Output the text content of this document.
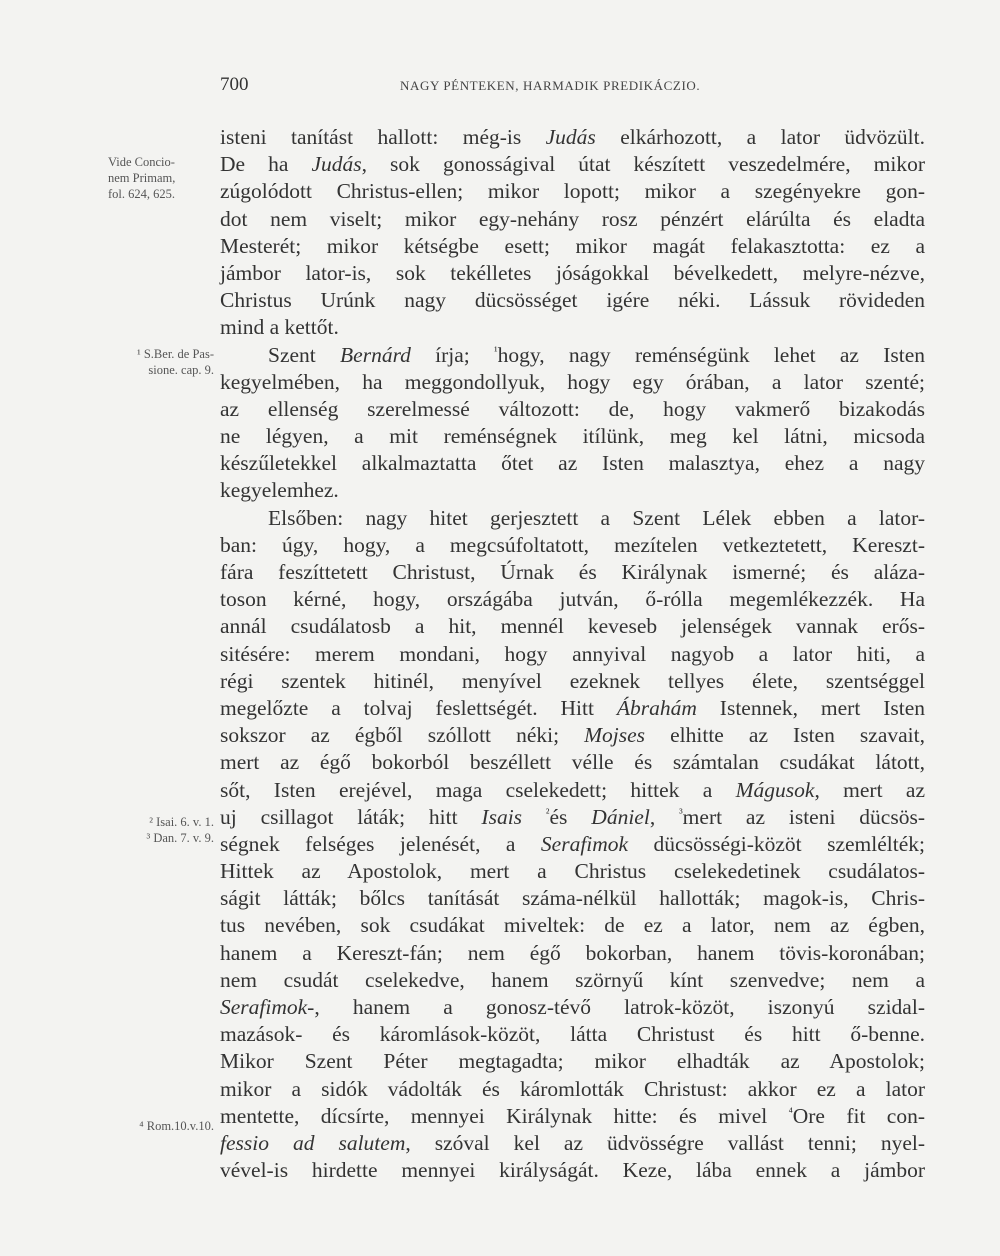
700	NAGY PÉNTEKEN, HARMADIK PREDIKÁCZIO.
Vide Concio-
nem Primam,
fol. 624, 625.
¹ S.Ber. de Pas-
sione. cap. 9.
² Isai. 6. v. 1.
³ Dan. 7. v. 9.
⁴ Rom.10.v.10.
isteni tanítást hallott: még-is Judás elkárhozott, a lator üdvözült.
De ha Judás, sok gonosságival útat készített veszedelmére, mikor
zúgolódott Christus-ellen; mikor lopott; mikor a szegényekre gon-
dot nem viselt; mikor egy-nehány rosz pénzért elárúlta és eladta
Mesterét; mikor kétségbe esett; mikor magát felakasztotta: ez a
jámbor lator-is, sok tekélletes jóságokkal bévelkedett, melyre-nézve,
Christus Urúnk nagy dücsösséget igére néki. Lássuk rövideden
mind a kettőt.
Szent Bernárd írja; $^{^1}$hogy, nagy reménségünk lehet az Isten
kegyelmében, ha meggondollyuk, hogy egy órában, a lator szenté;
az ellenség szerelmessé változott: de, hogy vakmerő bizakodás
ne légyen, a mit reménségnek itílünk, meg kel látni, micsoda
készűletekkel alkalmaztatta őtet az Isten malasztya, ehez a nagy
kegyelemhez.
Elsőben: nagy hitet gerjesztett a Szent Lélek ebben a lator-
ban: úgy, hogy, a megcsúfoltatott, mezítelen vetkeztetett, Kereszt-
fára feszíttetett Christust, Úrnak és Királynak ismerné; és aláza-
toson kérné, hogy, országába jutván, ő-rólla megemlékezzék. Ha
annál csudálatosb a hit, mennél keveseb jelenségek vannak erős-
sitésére: merem mondani, hogy annyival nagyob a lator hiti, a
régi szentek hitinél, menyível ezeknek tellyes élete, szentséggel
megelőzte a tolvaj feslettségét. Hitt Ábrahám Istennek, mert Isten
sokszor az égből szóllott néki; Mojses elhitte az Isten szavait,
mert az égő bokorból beszéllett vélle és számtalan csudákat látott,
sőt, Isten erejével, maga cselekedett; hittek a Mágusok, mert az
uj csillagot láták; hitt Isais $^{^2}$és Dániel, $^{^3}$mert az isteni dücsös-
ségnek felséges jelenését, a Serafimok dücsösségi-közöt szemlélték;
Hittek az Apostolok, mert a Christus cselekedetinek csudálatos-
ságit látták; bőlcs tanítását száma-nélkül hallották; magok-is, Chris-
tus nevében, sok csudákat miveltek: de ez a lator, nem az égben,
hanem a Kereszt-fán; nem égő bokorban, hanem tövis-koronában;
nem csudát cselekedve, hanem szörnyű kínt szenvedve; nem a
Serafimok-, hanem a gonosz-tévő latrok-közöt, iszonyú szidal-
mazások- és káromlások-közöt, látta Christust és hitt ő-benne.
Mikor Szent Péter megtagadta; mikor elhadták az Apostolok;
mikor a sidók vádolták és káromlották Christust: akkor ez a lator
mentette, dícsírte, mennyei Királynak hitte: és mivel $^{^4}$Ore fit con-
fessio ad salutem, szóval kel az üdvösségre vallást tenni; nyel-
vével-is hirdette mennyei királyságát. Keze, lába ennek a jámbor
